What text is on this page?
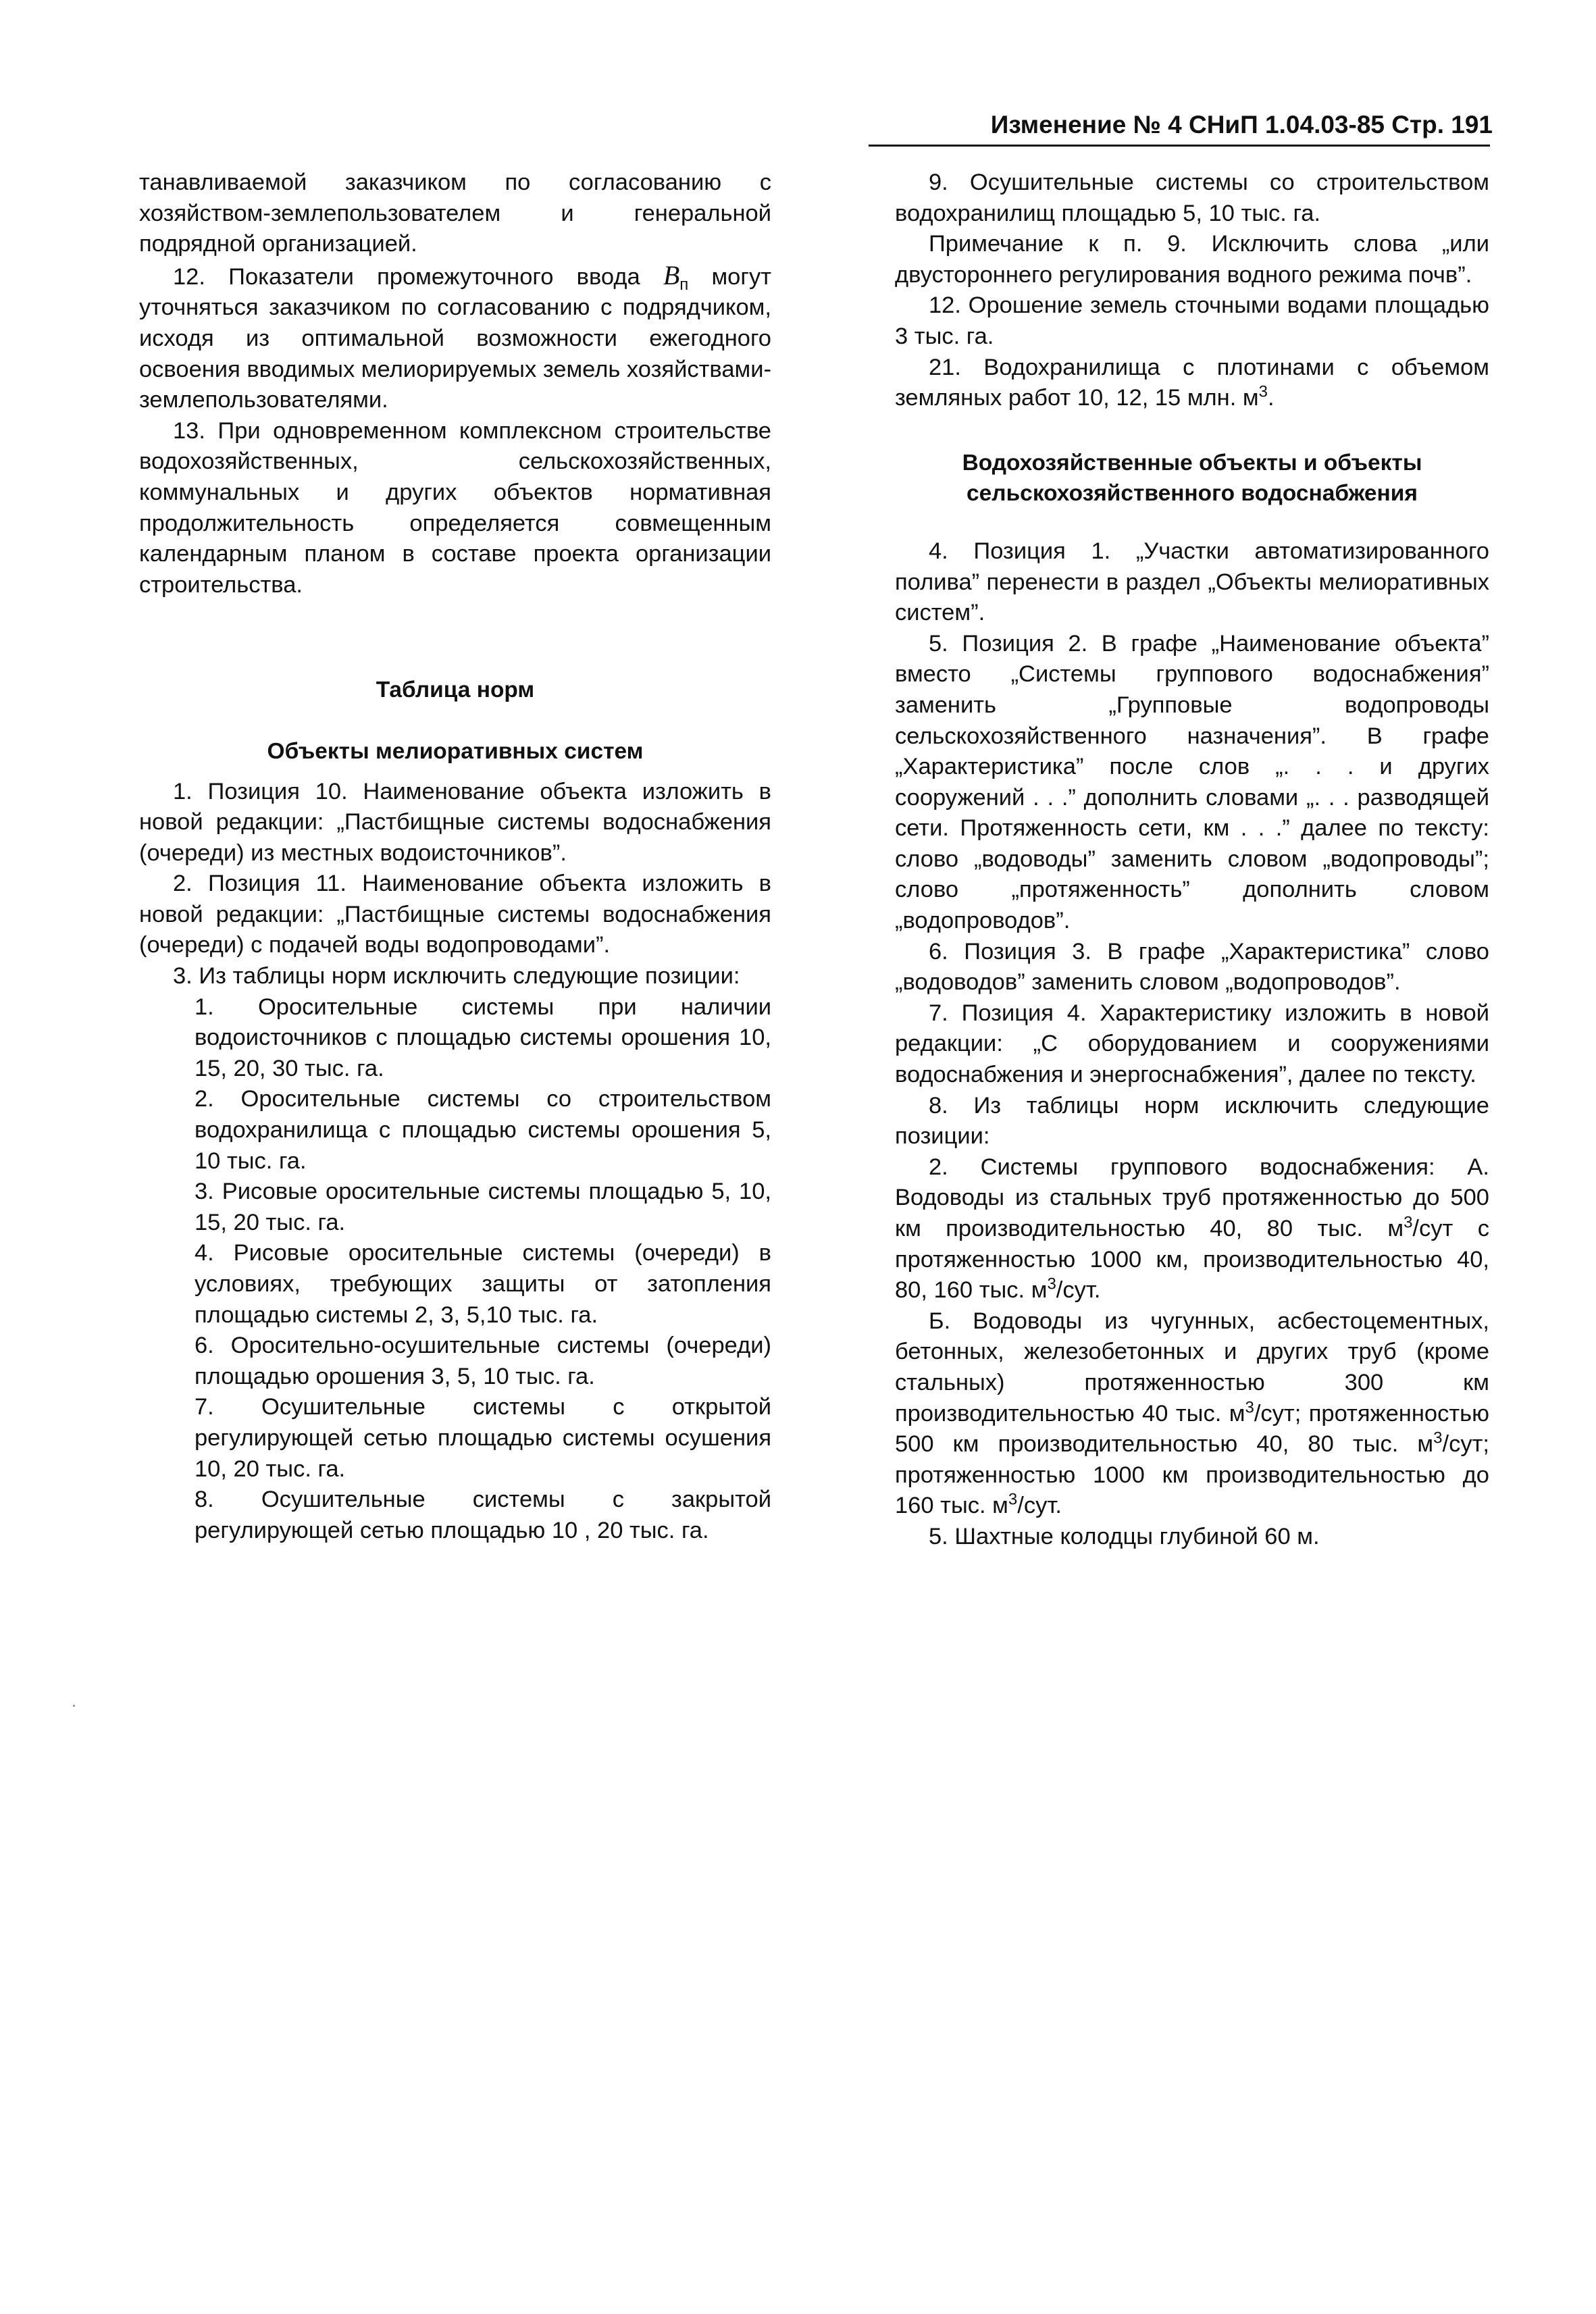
Изменение № 4 СНиП 1.04.03-85 Стр. 191

танавливаемой заказчиком по согласованию с хозяйством-землепользователем и генеральной подрядной организацией.

12. Показатели промежуточного ввода $B_п$ могут уточняться заказчиком по согласованию с подрядчиком, исходя из оптимальной возможности ежегодного освоения вводимых мелиорируемых земель хозяйствами-землепользователями.

13. При одновременном комплексном строительстве водохозяйственных, сельскохозяйственных, коммунальных и других объектов нормативная продолжительность определяется совмещенным календарным планом в составе проекта организации строительства.

Таблица норм

Объекты мелиоративных систем

1. Позиция 10. Наименование объекта изложить в новой редакции: „Пастбищные системы водоснабжения (очереди) из местных водоисточников”.

2. Позиция 11. Наименование объекта изложить в новой редакции: „Пастбищные системы водоснабжения (очереди) с подачей воды водопроводами”.

3. Из таблицы норм исключить следующие позиции:

1. Оросительные системы при наличии водоисточников с площадью системы орошения 10, 15, 20, 30 тыс. га.

2. Оросительные системы со строительством водохранилища с площадью системы орошения 5, 10 тыс. га.

3. Рисовые оросительные системы площадью 5, 10, 15, 20 тыс. га.

4. Рисовые оросительные системы (очереди) в условиях, требующих защиты от затопления площадью системы 2, 3, 5,10 тыс. га.

6. Оросительно-осушительные системы (очереди) площадью орошения 3, 5, 10 тыс. га.

7. Осушительные системы с открытой регулирующей сетью площадью системы осушения 10, 20 тыс. га.

8. Осушительные системы с закрытой регулирующей сетью площадью 10 , 20 тыс. га.

9. Осушительные системы со строительством водохранилищ площадью 5, 10 тыс. га.

Примечание к п. 9. Исключить слова „или двустороннего регулирования водного режима почв”.

12. Орошение земель сточными водами площадью 3 тыс. га.

21. Водохранилища с плотинами с объемом земляных работ 10, 12, 15 млн. $м^3$.

Водохозяйственные объекты и объекты

сельскохозяйственного водоснабжения

4. Позиция 1. „Участки автоматизированного полива” перенести в раздел „Объекты мелиоративных систем”.

5. Позиция 2. В графе „Наименование объекта” вместо „Системы группового водоснабжения” заменить „Групповые водопроводы сельскохозяйственного назначения”. В графе „Характеристика” после слов „. . . и других сооружений . . .” дополнить словами „. . . разводящей сети. Протяженность сети, км . . .” далее по тексту: слово „водоводы” заменить словом „водопроводы”; слово „протяженность” дополнить словом „водопроводов”.

6. Позиция 3. В графе „Характеристика” слово „водоводов” заменить словом „водопроводов”.

7. Позиция 4. Характеристику изложить в новой редакции: „С оборудованием и сооружениями водоснабжения и энергоснабжения”, далее по тексту.

8. Из таблицы норм исключить следующие позиции:

2. Системы группового водоснабжения: А. Водоводы из стальных труб протяженностью до 500 км производительностью 40, 80 тыс. $м^3$/сут с протяженностью 1000 км, производительностью 40, 80, 160 тыс. $м^3$/сут.

Б. Водоводы из чугунных, асбестоцементных, бетонных, железобетонных и других труб (кроме стальных) протяженностью 300 км производительностью 40 тыс. $м^3$/сут; протяженностью 500 км производительностью 40, 80 тыс. $м^3$/сут; протяженностью 1000 км производительностью до 160 тыс. $м^3$/сут.

5. Шахтные колодцы глубиной 60 м.
